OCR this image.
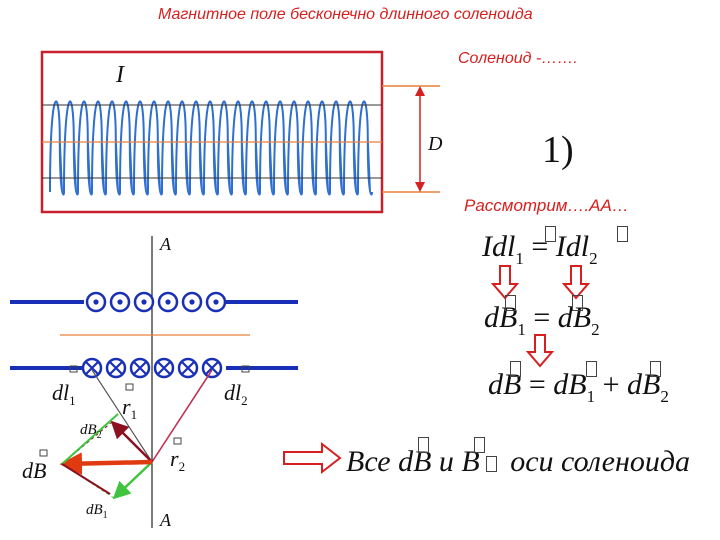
Магнитное поле бесконечно длинного соленоида
Соленоид -…….
1)
Рассмотрим….АА…
I
D
A
A
$dl_1$	$dl_2$
$r_1$
$r_2$
$dB_2$
$dB_1$
dB
Idl$_1$ = Idl$_2$
$dB_1 = dB_2$
dB = $dB_1 + dB_2$
Все dB и B оси соленоида
